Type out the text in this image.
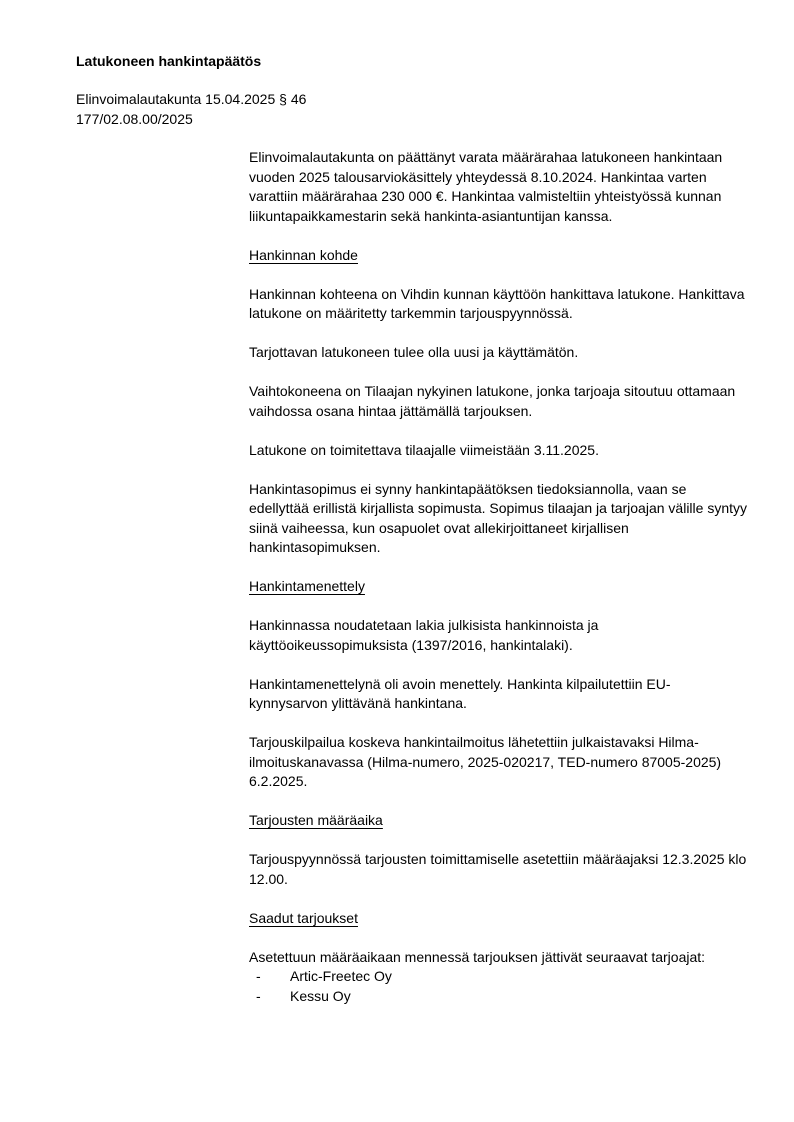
Latukoneen hankintapäätös
Elinvoimalautakunta 15.04.2025 § 46
177/02.08.00/2025

Elinvoimalautakunta on päättänyt varata määrärahaa latukoneen hankintaan vuoden 2025 talousarviokäsittely yhteydessä 8.10.2024. Hankintaa varten varattiin määrärahaa 230 000 €. Hankintaa valmisteltiin yhteistyössä kunnan liikuntapaikkamestarin sekä hankinta-asiantuntijan kanssa.

Hankinnan kohde

Hankinnan kohteena on Vihdin kunnan käyttöön hankittava latukone. Hankittava latukone on määritetty tarkemmin tarjouspyynnössä.

Tarjottavan latukoneen tulee olla uusi ja käyttämätön.

Vaihtokoneena on Tilaajan nykyinen latukone, jonka tarjoaja sitoutuu ottamaan vaihdossa osana hintaa jättämällä tarjouksen.

Latukone on toimitettava tilaajalle viimeistään 3.11.2025.

Hankintasopimus ei synny hankintapäätöksen tiedoksiannolla, vaan se edellyttää erillistä kirjallista sopimusta. Sopimus tilaajan ja tarjoajan välille syntyy siinä vaiheessa, kun osapuolet ovat allekirjoittaneet kirjallisen hankintasopimuksen.

Hankintamenettely

Hankinnassa noudatetaan lakia julkisista hankinnoista ja käyttöoikeussopimuksista (1397/2016, hankintalaki).

Hankintamenettelynä oli avoin menettely. Hankinta kilpailutettiin EU-kynnysarvon ylittävänä hankintana.

Tarjouskilpailua koskeva hankintailmoitus lähetettiin julkaistavaksi Hilma-ilmoituskanavassa (Hilma-numero, 2025-020217, TED-numero 87005-2025) 6.2.2025.

Tarjousten määräaika

Tarjouspyynnössä tarjousten toimittamiselle asetettiin määräajaksi 12.3.2025 klo 12.00.

Saadut tarjoukset
Asetettuun määräaikaan mennessä tarjouksen jättivät seuraavat tarjoajat:
- Artic-Freetec Oy
- Kessu Oy
